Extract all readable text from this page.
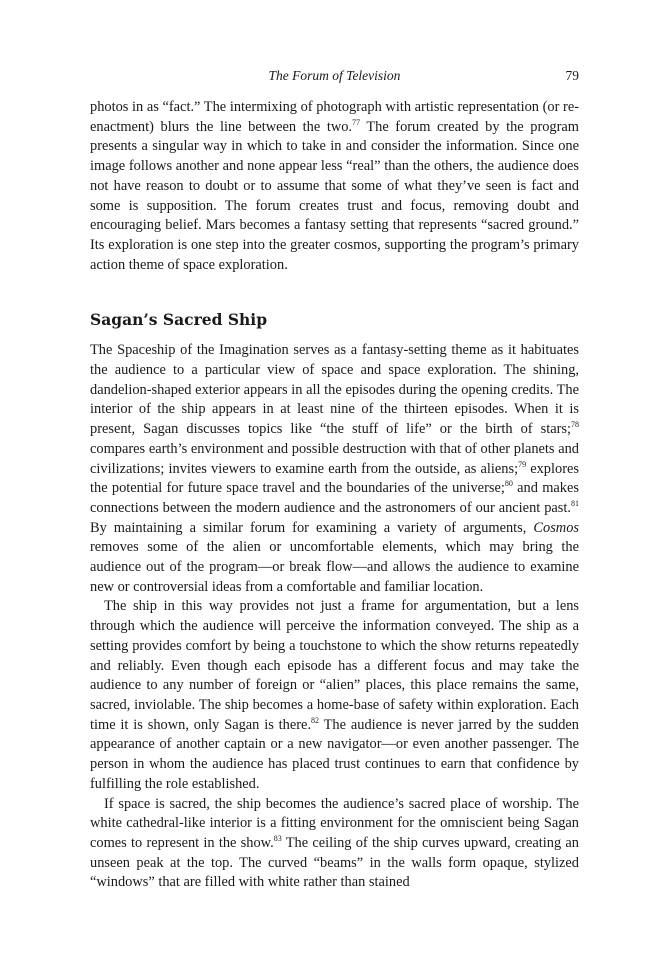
The Forum of Television	79

photos in as “fact.” The intermixing of photograph with artistic representation (or re-enactment) blurs the line between the two.$^{77}$ The forum created by the program presents a singular way in which to take in and consider the information. Since one image follows another and none appear less “real” than the others, the audience does not have reason to doubt or to assume that some of what they’ve seen is fact and some is supposition. The forum creates trust and focus, removing doubt and encouraging belief. Mars becomes a fantasy setting that represents “sacred ground.” Its exploration is one step into the greater cosmos, supporting the program’s primary action theme of space exploration.

Sagan’s Sacred Ship

The Spaceship of the Imagination serves as a fantasy-setting theme as it habituates the audience to a particular view of space and space exploration. The shining, dandelion-shaped exterior appears in all the episodes during the opening credits. The interior of the ship appears in at least nine of the thirteen episodes. When it is present, Sagan discusses topics like “the stuff of life” or the birth of stars;$^{78}$ compares earth’s environment and possible destruction with that of other planets and civilizations; invites viewers to examine earth from the outside, as aliens;$^{79}$ explores the potential for future space travel and the boundaries of the universe;$^{80}$ and makes connections between the modern audience and the astronomers of our ancient past.$^{81}$ By maintaining a similar forum for examining a variety of arguments, Cosmos removes some of the alien or uncomfortable elements, which may bring the audience out of the program—or break flow—and allows the audience to examine new or controversial ideas from a comfortable and familiar location.

The ship in this way provides not just a frame for argumentation, but a lens through which the audience will perceive the information conveyed. The ship as a setting provides comfort by being a touchstone to which the show returns repeatedly and reliably. Even though each episode has a different focus and may take the audience to any number of foreign or “alien” places, this place remains the same, sacred, inviolable. The ship becomes a home-base of safety within exploration. Each time it is shown, only Sagan is there.$^{82}$ The audience is never jarred by the sudden appearance of another captain or a new navigator—or even another passenger. The person in whom the audience has placed trust continues to earn that confidence by fulfilling the role established.

If space is sacred, the ship becomes the audience’s sacred place of worship. The white cathedral-like interior is a fitting environment for the omniscient being Sagan comes to represent in the show.$^{83}$ The ceiling of the ship curves upward, creating an unseen peak at the top. The curved “beams” in the walls form opaque, stylized “windows” that are filled with white rather than stained
